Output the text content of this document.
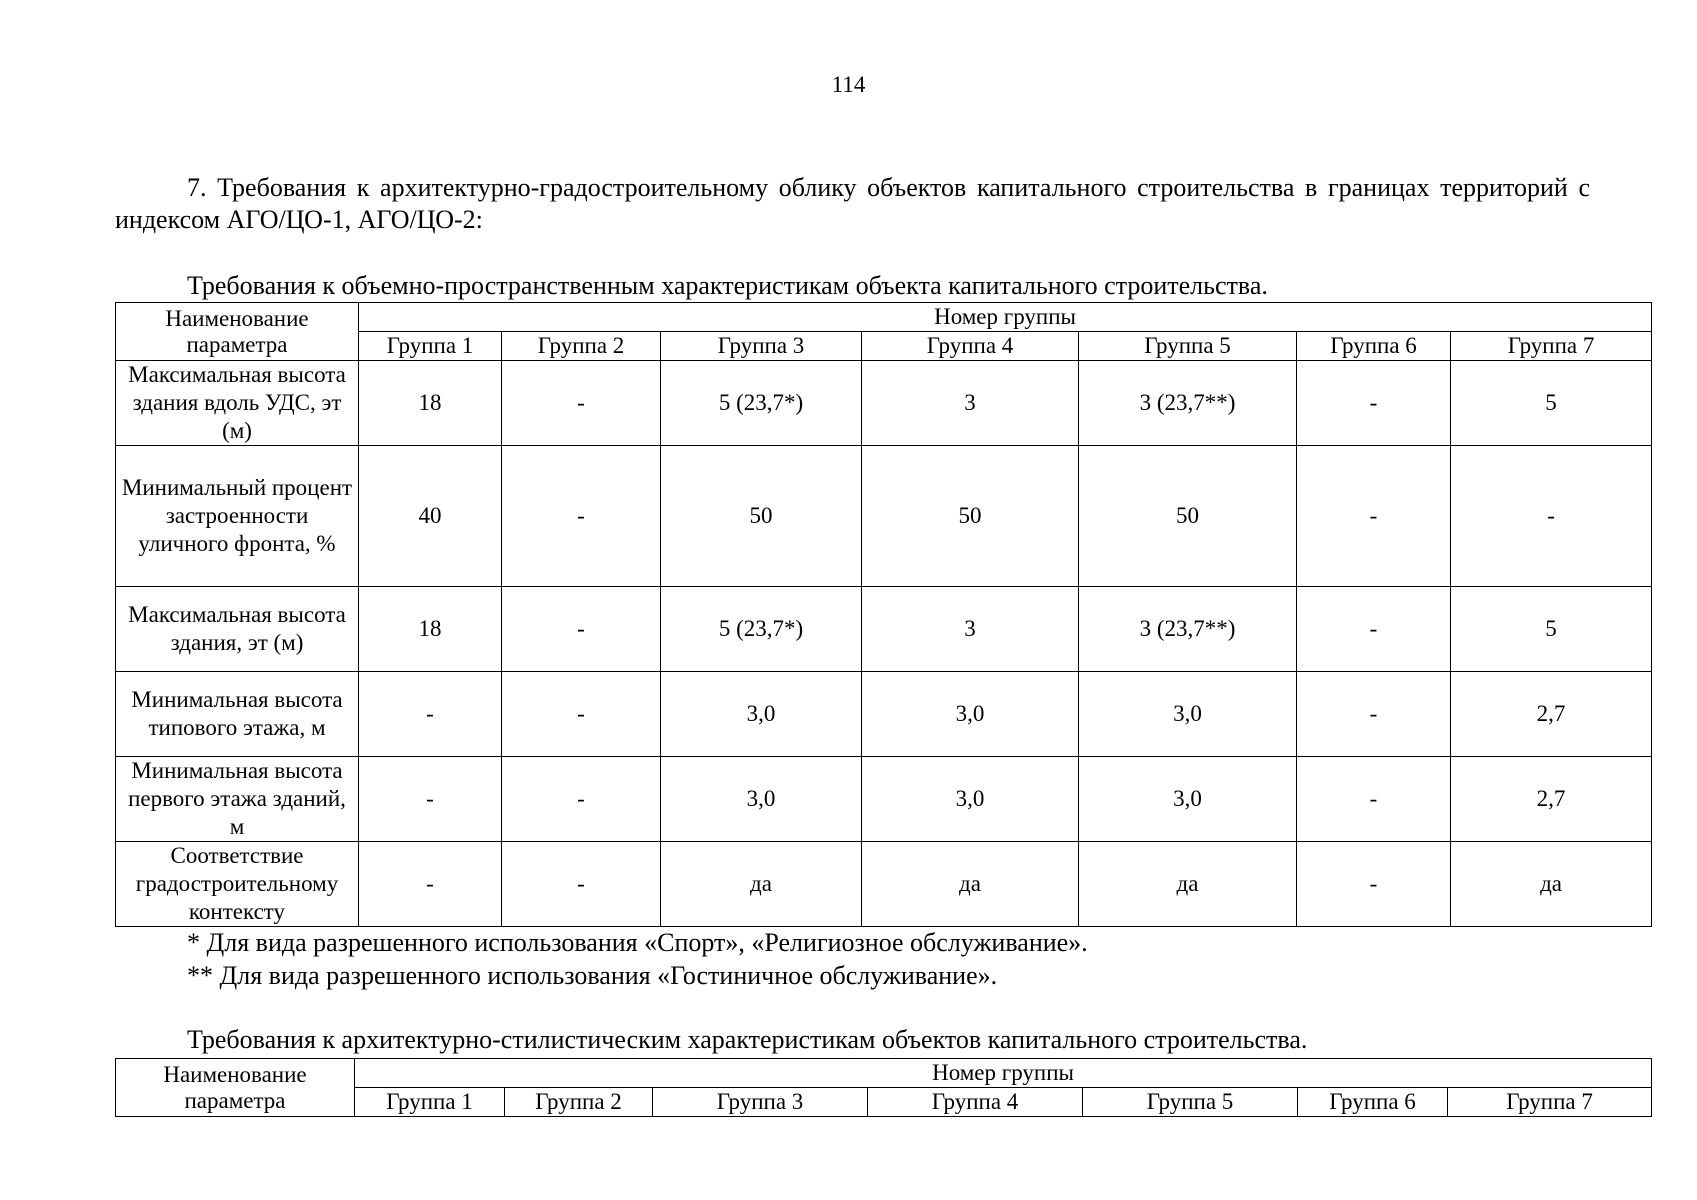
114
7. Требования к архитектурно-градостроительному облику объектов капитального строительства в границах территорий с индексом АГО/ЦО-1, АГО/ЦО-2:
Требования к объемно-пространственным характеристикам объекта капитального строительства.
Наименование параметра	Номер группы						
	Группа 1	Группа 2	Группа 3	Группа 4	Группа 5	Группа 6	Группа 7
Максимальная высота здания вдоль УДС, эт (м)	18	-	5 (23,7*)	3	3 (23,7**)	-	5
Минимальный процент застроенности уличного фронта, %	40	-	50	50	50	-	-
Максимальная высота здания, эт (м)	18	-	5 (23,7*)	3	3 (23,7**)	-	5
Минимальная высота типового этажа, м	-	-	3,0	3,0	3,0	-	2,7
Минимальная высота первого этажа зданий, м	-	-	3,0	3,0	3,0	-	2,7
Соответствие градостроительному контексту	-	-	да	да	да	-	да
* Для вида разрешенного использования «Спорт», «Религиозное обслуживание».
** Для вида разрешенного использования «Гостиничное обслуживание».
Требования к архитектурно-стилистическим характеристикам объектов капитального строительства.
Наименование параметра	Номер группы						
	Группа 1	Группа 2	Группа 3	Группа 4	Группа 5	Группа 6	Группа 7
